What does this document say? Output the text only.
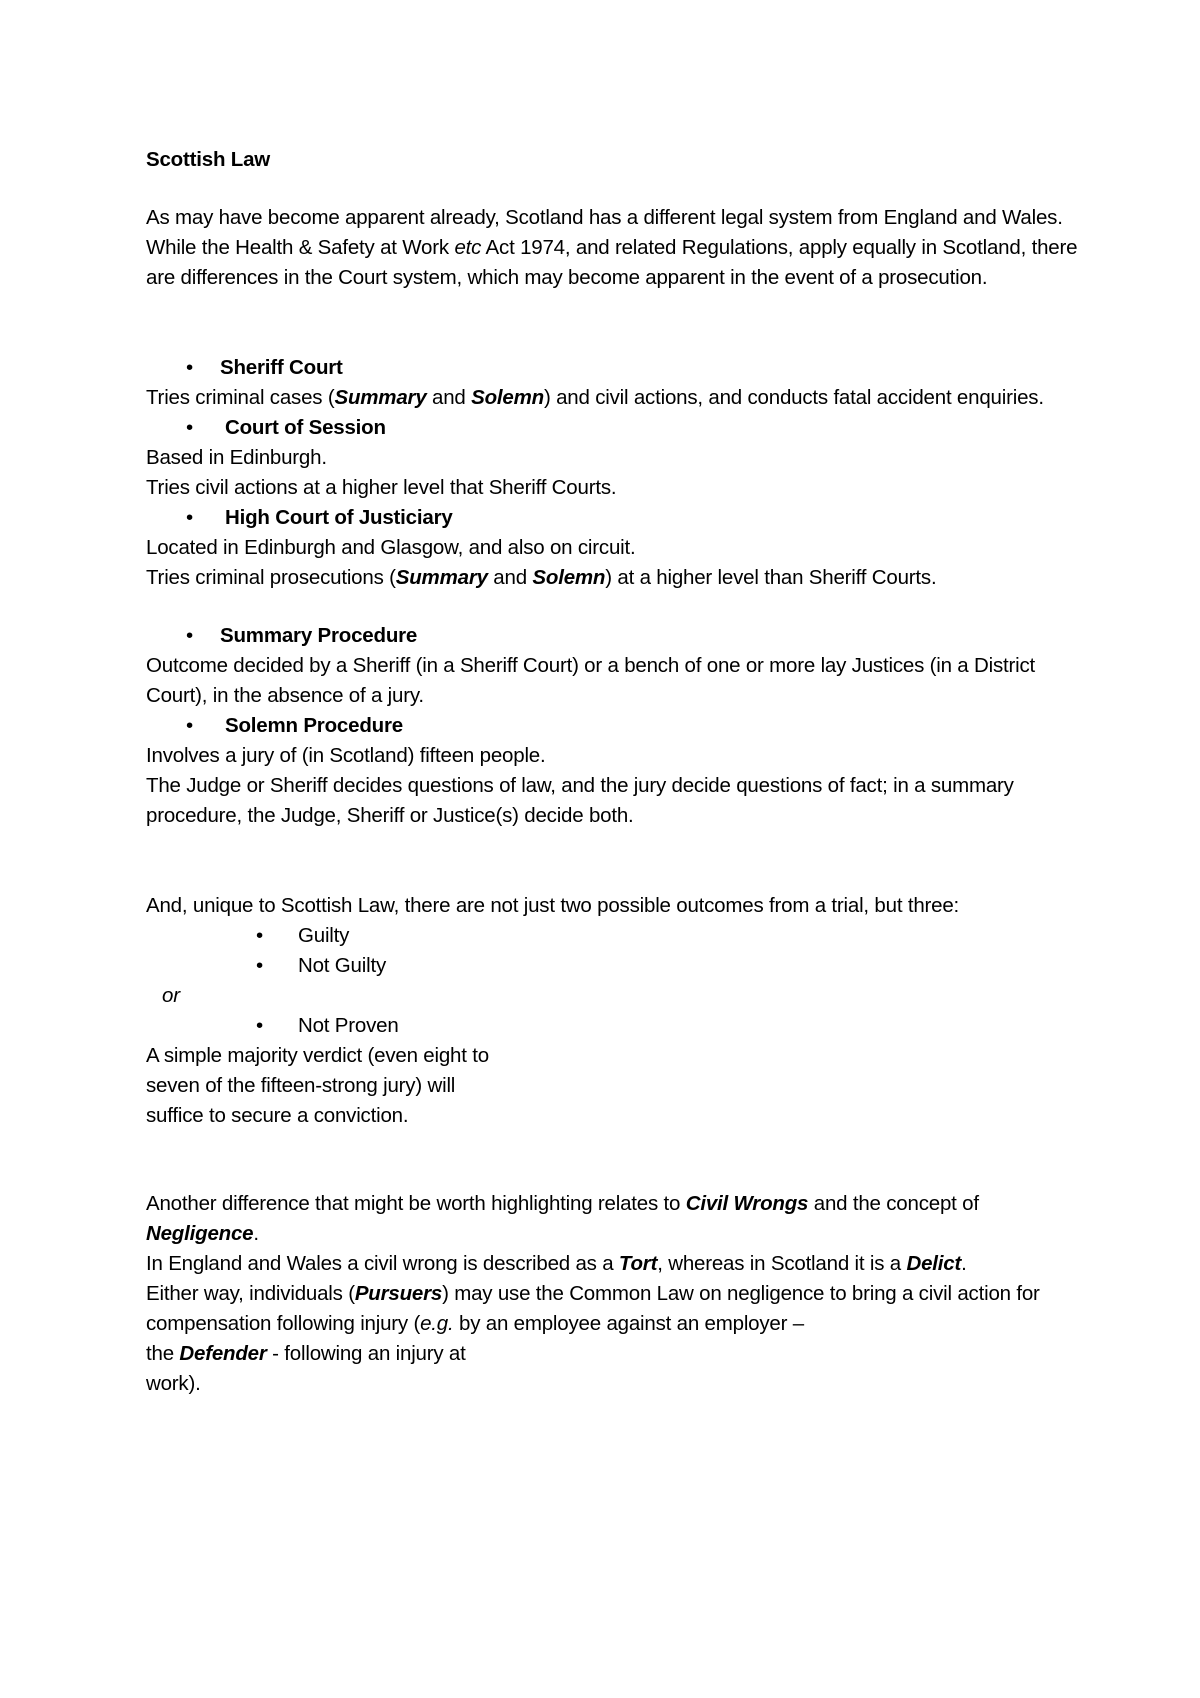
Scottish Law

As may have become apparent already, Scotland has a different legal system from England and Wales.

While the Health & Safety at Work etc Act 1974, and related Regulations, apply equally in Scotland, there are differences in the Court system, which may become apparent in the event of a prosecution.

•	Sheriff Court

Tries criminal cases (Summary and Solemn) and civil actions, and conducts fatal accident enquiries.

•	Court of Session

Based in Edinburgh.

Tries civil actions at a higher level that Sheriff Courts.

•	High Court of Justiciary

Located in Edinburgh and Glasgow, and also on circuit.

Tries criminal prosecutions (Summary and Solemn) at a higher level than Sheriff Courts.

•	Summary Procedure

Outcome decided by a Sheriff (in a Sheriff Court) or a bench of one or more lay Justices (in a District Court), in the absence of a jury.

•	Solemn Procedure

Involves a jury of (in Scotland) fifteen people.

The Judge or Sheriff decides questions of law, and the jury decide questions of fact; in a summary procedure, the Judge, Sheriff or Justice(s) decide both.

And, unique to Scottish Law, there are not just two possible outcomes from a trial, but three:

•	Guilty
•	Not Guilty

or

•	Not Proven

A simple majority verdict (even eight to seven of the fifteen-strong jury) will suffice to secure a conviction.

Another difference that might be worth highlighting relates to Civil Wrongs and the concept of Negligence.

In England and Wales a civil wrong is described as a Tort, whereas in Scotland it is a Delict.

Either way, individuals (Pursuers) may use the Common Law on negligence to bring a civil action for compensation following injury (e.g. by an employee against an employer –

the Defender - following an injury at

work).
